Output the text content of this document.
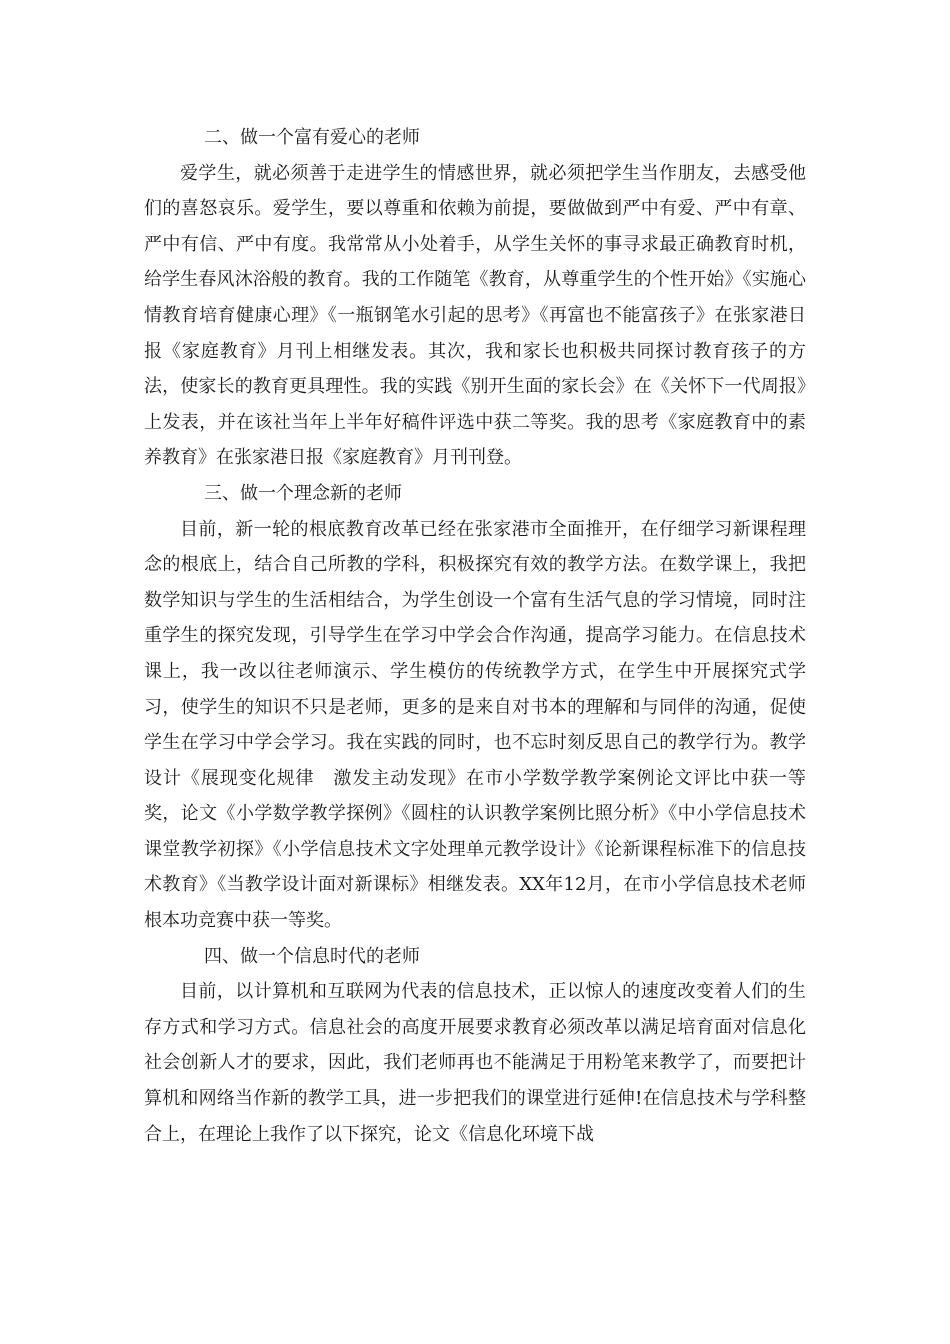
二、做一个富有爱心的老师

爱学生，就必须善于走进学生的情感世界，就必须把学生当作朋友，去感受他们的喜怒哀乐。爱学生，要以尊重和依赖为前提，要做做到严中有爱、严中有章、严中有信、严中有度。我常常从小处着手，从学生关怀的事寻求最正确教育时机，给学生春风沐浴般的教育。我的工作随笔《教育，从尊重学生的个性开始》《实施心情教育培育健康心理》《一瓶钢笔水引起的思考》《再富也不能富孩子》在张家港日报《家庭教育》月刊上相继发表。其次，我和家长也积极共同探讨教育孩子的方法，使家长的教育更具理性。我的实践《别开生面的家长会》在《关怀下一代周报》上发表，并在该社当年上半年好稿件评选中获二等奖。我的思考《家庭教育中的素养教育》在张家港日报《家庭教育》月刊刊登。

三、做一个理念新的老师

目前，新一轮的根底教育改革已经在张家港市全面推开，在仔细学习新课程理念的根底上，结合自己所教的学科，积极探究有效的教学方法。在数学课上，我把数学知识与学生的生活相结合，为学生创设一个富有生活气息的学习情境，同时注重学生的探究发现，引导学生在学习中学会合作沟通，提高学习能力。在信息技术课上，我一改以往老师演示、学生模仿的传统教学方式，在学生中开展探究式学习，使学生的知识不只是老师，更多的是来自对书本的理解和与同伴的沟通，促使学生在学习中学会学习。我在实践的同时，也不忘时刻反思自己的教学行为。教学设计《展现变化规律　激发主动发现》在市小学数学教学案例论文评比中获一等奖，论文《小学数学教学探例》《圆柱的认识教学案例比照分析》《中小学信息技术课堂教学初探》《小学信息技术文字处理单元教学设计》《论新课程标准下的信息技术教育》《当教学设计面对新课标》相继发表。XX年12月，在市小学信息技术老师根本功竞赛中获一等奖。

四、做一个信息时代的老师

目前，以计算机和互联网为代表的信息技术，正以惊人的速度改变着人们的生存方式和学习方式。信息社会的高度开展要求教育必须改革以满足培育面对信息化社会创新人才的要求，因此，我们老师再也不能满足于用粉笔来教学了，而要把计算机和网络当作新的教学工具，进一步把我们的课堂进行延伸!在信息技术与学科整合上，在理论上我作了以下探究，论文《信息化环境下战
